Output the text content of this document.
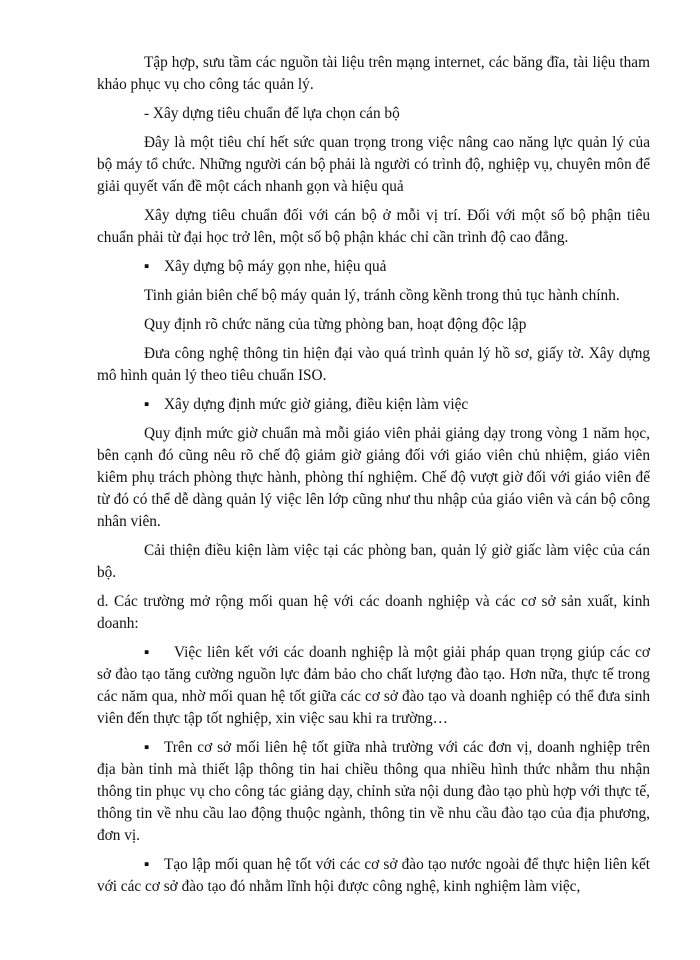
Tập hợp, sưu tầm các nguồn tài liệu trên mạng internet, các băng đĩa, tài liệu tham khảo phục vụ cho công tác quản lý.

- Xây dựng tiêu chuẩn để lựa chọn cán bộ

Đây là một tiêu chí hết sức quan trọng trong việc nâng cao năng lực quản lý của bộ máy tổ chức. Những người cán bộ phải là người có trình độ, nghiệp vụ, chuyên môn để giải quyết vấn đề một cách nhanh gọn và hiệu quả

Xây dựng tiêu chuẩn đối với cán bộ ở mỗi vị trí. Đối với một số bộ phận tiêu chuẩn phải từ đại học trở lên, một số bộ phận khác chỉ cần trình độ cao đẳng.

▪ Xây dựng bộ máy gọn nhe, hiệu quả

Tinh giản biên chế bộ máy quản lý, tránh cồng kềnh trong thủ tục hành chính.

Quy định rõ chức năng của từng phòng ban, hoạt động độc lập

Đưa công nghệ thông tin hiện đại vào quá trình quản lý hồ sơ, giấy tờ. Xây dựng mô hình quản lý theo tiêu chuẩn ISO.

▪ Xây dựng định mức giờ giảng, điều kiện làm việc

Quy định mức giờ chuẩn mà mỗi giáo viên phải giảng dạy trong vòng 1 năm học, bên cạnh đó cũng nêu rõ chế độ giảm giờ giảng đối với giáo viên chủ nhiệm, giáo viên kiêm phụ trách phòng thực hành, phòng thí nghiệm. Chế độ vượt giờ đối với giáo viên để từ đó có thể dễ dàng quản lý việc lên lớp cũng như thu nhập của giáo viên và cán bộ công nhân viên.

Cải thiện điều kiện làm việc tại các phòng ban, quản lý giờ giấc làm việc của cán bộ.

d. Các trường mở rộng mối quan hệ với các doanh nghiệp và các cơ sở sản xuất, kinh doanh:

▪ Việc liên kết với các doanh nghiệp là một giải pháp quan trọng giúp các cơ sở đào tạo tăng cường nguồn lực đảm bảo cho chất lượng đào tạo. Hơn nữa, thực tế trong các năm qua, nhờ mối quan hệ tốt giữa các cơ sở đào tạo và doanh nghiệp có thể đưa sinh viên đến thực tập tốt nghiệp, xin việc sau khi ra trường…

▪ Trên cơ sở mối liên hệ tốt giữa nhà trường với các đơn vị, doanh nghiệp trên địa bàn tỉnh mà thiết lập thông tin hai chiều thông qua nhiều hình thức nhằm thu nhận thông tin phục vụ cho công tác giảng dạy, chỉnh sửa nội dung đào tạo phù hợp với thực tế, thông tin về nhu cầu lao động thuộc ngành, thông tin về nhu cầu đào tạo của địa phương, đơn vị.

▪ Tạo lập mối quan hệ tốt với các cơ sở đào tạo nước ngoài để thực hiện liên kết với các cơ sở đào tạo đó nhằm lĩnh hội được công nghệ, kinh nghiệm làm việc,
